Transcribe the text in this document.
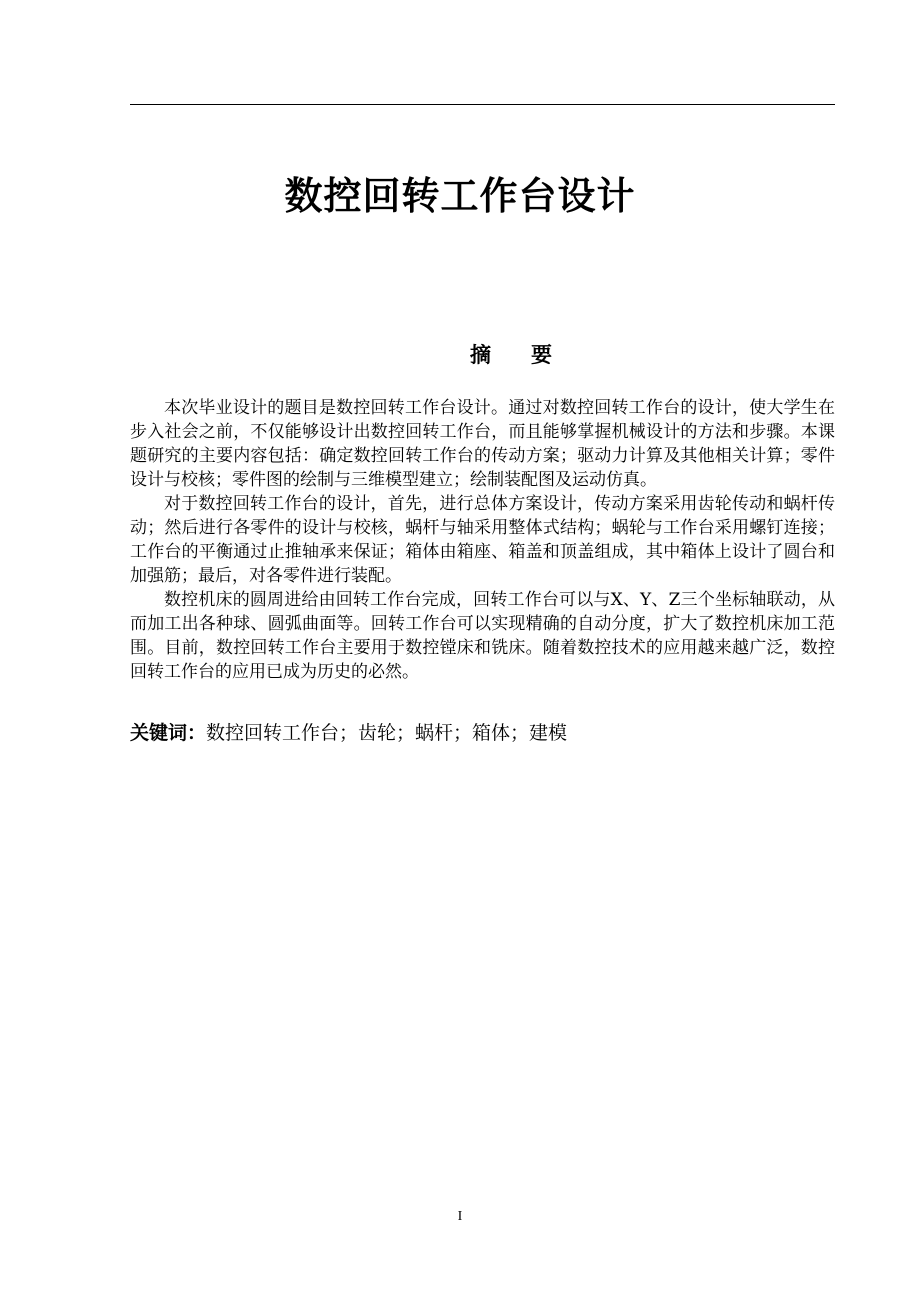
数控回转工作台设计
摘要

本次毕业设计的题目是数控回转工作台设计。通过对数控回转工作台的设计，使大学生在步入社会之前，不仅能够设计出数控回转工作台，而且能够掌握机械设计的方法和步骤。本课题研究的主要内容包括：确定数控回转工作台的传动方案；驱动力计算及其他相关计算；零件设计与校核；零件图的绘制与三维模型建立；绘制装配图及运动仿真。

对于数控回转工作台的设计，首先，进行总体方案设计，传动方案采用齿轮传动和蜗杆传动；然后进行各零件的设计与校核，蜗杆与轴采用整体式结构；蜗轮与工作台采用螺钉连接；工作台的平衡通过止推轴承来保证；箱体由箱座、箱盖和顶盖组成，其中箱体上设计了圆台和加强筋；最后，对各零件进行装配。

数控机床的圆周进给由回转工作台完成，回转工作台可以与X、Y、Z三个坐标轴联动，从而加工出各种球、圆弧曲面等。回转工作台可以实现精确的自动分度，扩大了数控机床加工范围。目前，数控回转工作台主要用于数控镗床和铣床。随着数控技术的应用越来越广泛，数控回转工作台的应用已成为历史的必然。

关键词：数控回转工作台；齿轮；蜗杆；箱体；建模
I
